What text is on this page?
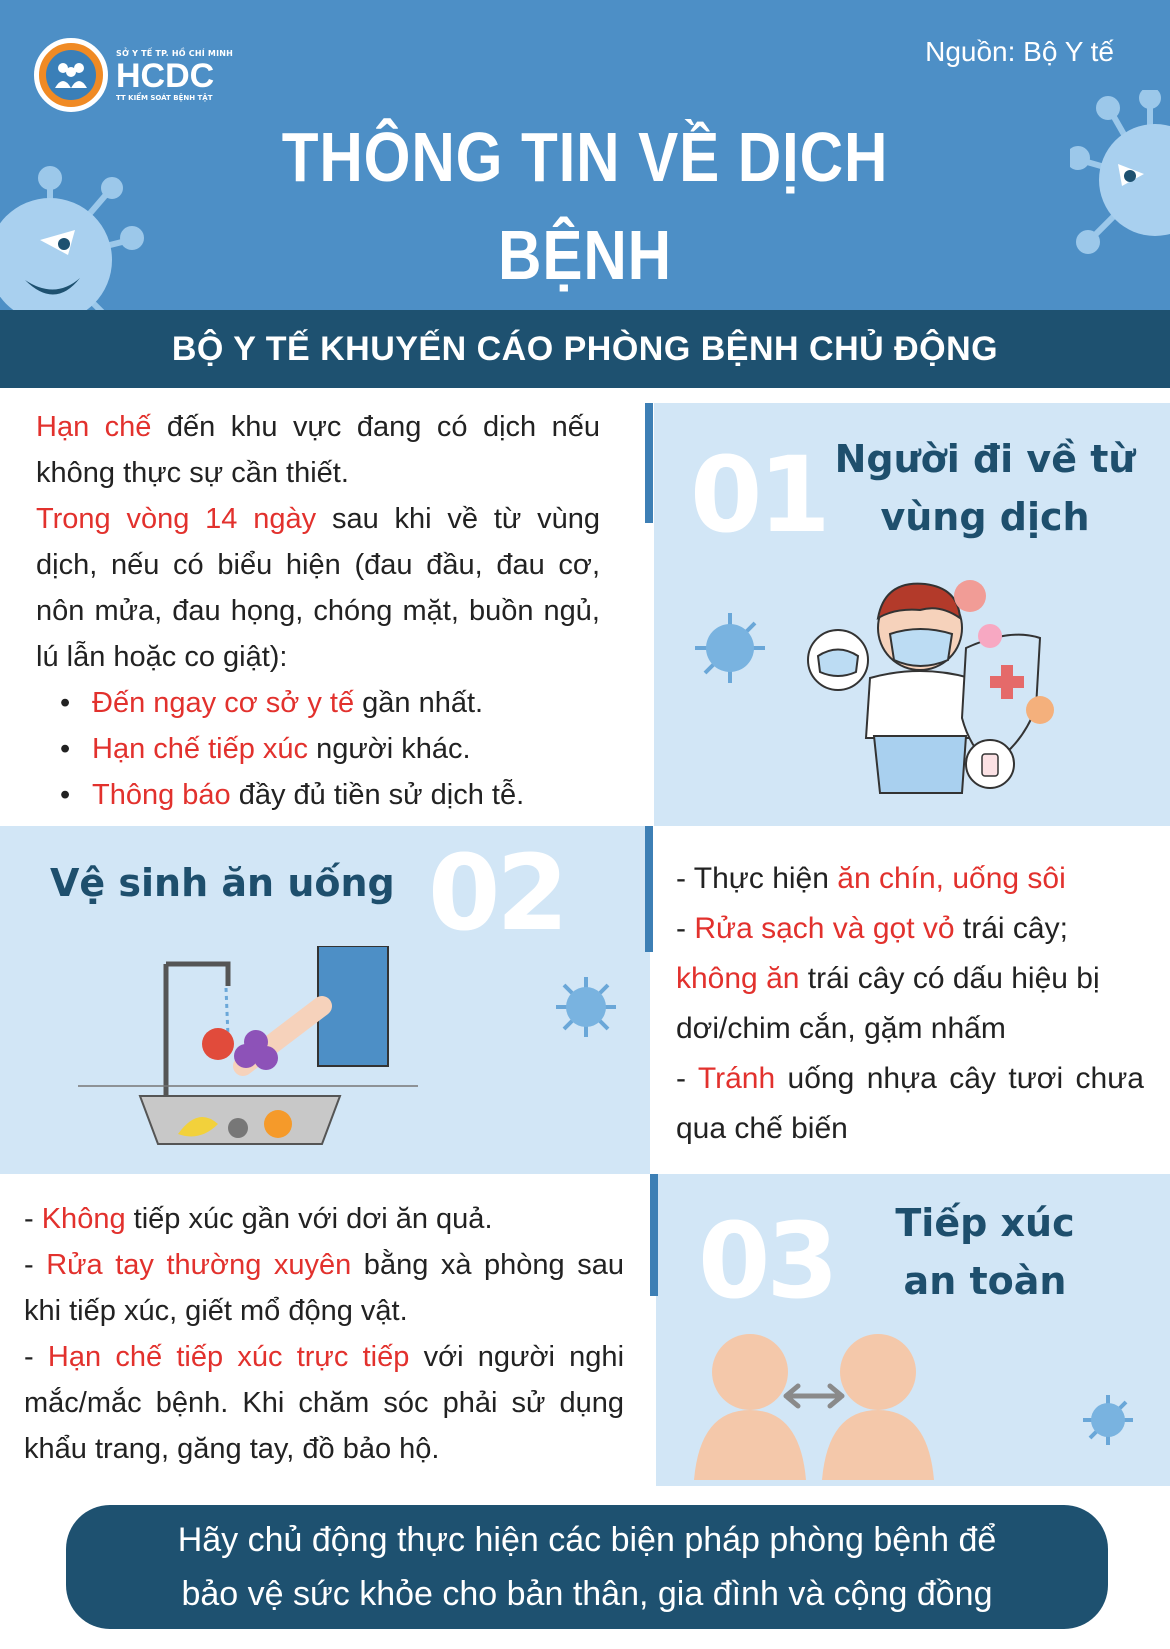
SỞ Y TẾ TP. HỒ CHÍ MINH
HCDC
TT KIỂM SOÁT BỆNH TẬT
Nguồn: Bộ Y tế
THÔNG TIN VỀ DỊCH BỆNH
BỘ Y TẾ KHUYẾN CÁO PHÒNG BỆNH CHỦ ĐỘNG

Hạn chế đến khu vực đang có dịch nếu không thực sự cần thiết.

Trong vòng 14 ngày sau khi về từ vùng dịch, nếu có biểu hiện (đau đầu, đau cơ, nôn mửa, đau họng, chóng mặt, buồn ngủ, lú lẫn hoặc co giật):

• Đến ngay cơ sở y tế gần nhất.
• Hạn chế tiếp xúc người khác.
• Thông báo đầy đủ tiền sử dịch tễ.
01 Người đi về từ
vùng dịch
Vệ sinh ăn uống 02	- Thực hiện ăn chín, uống sôi

- Rửa sạch và gọt vỏ trái cây; không ăn trái cây có dấu hiệu bị dơi/chim cắn, gặm nhấm

- Tránh uống nhựa cây tươi chưa qua chế biến

- Không tiếp xúc gần với dơi ăn quả.

- Rửa tay thường xuyên bằng xà phòng sau khi tiếp xúc, giết mổ động vật.

- Hạn chế tiếp xúc trực tiếp với người nghi mắc/mắc bệnh. Khi chăm sóc phải sử dụng khẩu trang, găng tay, đồ bảo hộ.

03	Tiếp xúc
an toàn
Hãy chủ động thực hiện các biện pháp phòng bệnh để
bảo vệ sức khỏe cho bản thân, gia đình và cộng đồng
